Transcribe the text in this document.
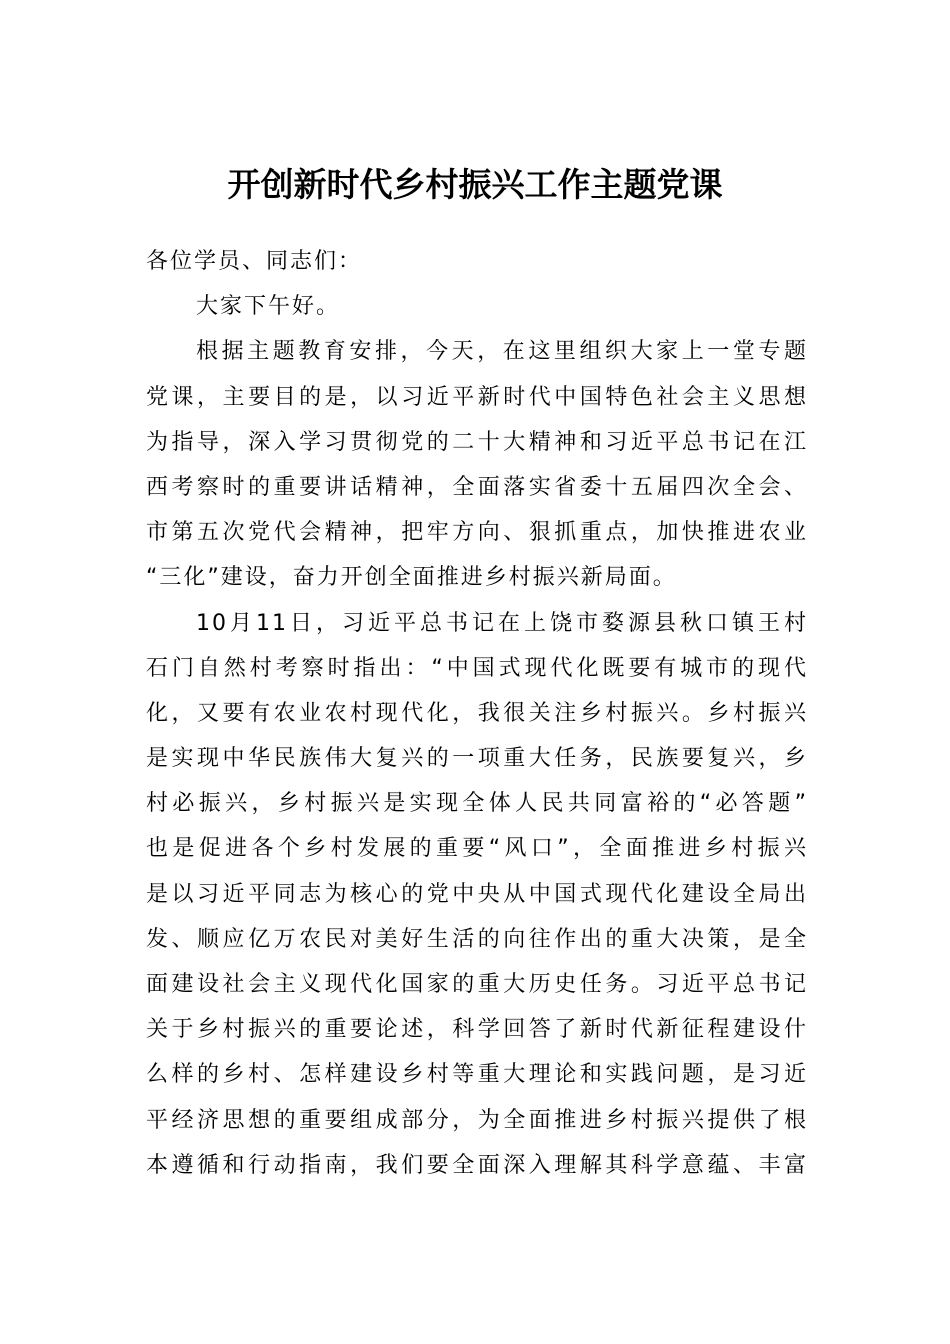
开创新时代乡村振兴工作主题党课
各位学员、同志们：
大家下午好。
根据主题教育安排，今天，在这里组织大家上一堂专题
党课，主要目的是，以习近平新时代中国特色社会主义思想
为指导，深入学习贯彻党的二十大精神和习近平总书记在江
西考察时的重要讲话精神，全面落实省委十五届四次全会、
市第五次党代会精神，把牢方向、狠抓重点，加快推进农业
“三化”建设，奋力开创全面推进乡村振兴新局面。
10月11日，习近平总书记在上饶市婺源县秋口镇王村
石门自然村考察时指出：“中国式现代化既要有城市的现代
化，又要有农业农村现代化，我很关注乡村振兴。乡村振兴
是实现中华民族伟大复兴的一项重大任务，民族要复兴，乡
村必振兴，乡村振兴是实现全体人民共同富裕的“必答题”
也是促进各个乡村发展的重要“风口”，全面推进乡村振兴
是以习近平同志为核心的党中央从中国式现代化建设全局出
发、顺应亿万农民对美好生活的向往作出的重大决策，是全
面建设社会主义现代化国家的重大历史任务。习近平总书记
关于乡村振兴的重要论述，科学回答了新时代新征程建设什
么样的乡村、怎样建设乡村等重大理论和实践问题，是习近
平经济思想的重要组成部分，为全面推进乡村振兴提供了根
本遵循和行动指南，我们要全面深入理解其科学意蕴、丰富
